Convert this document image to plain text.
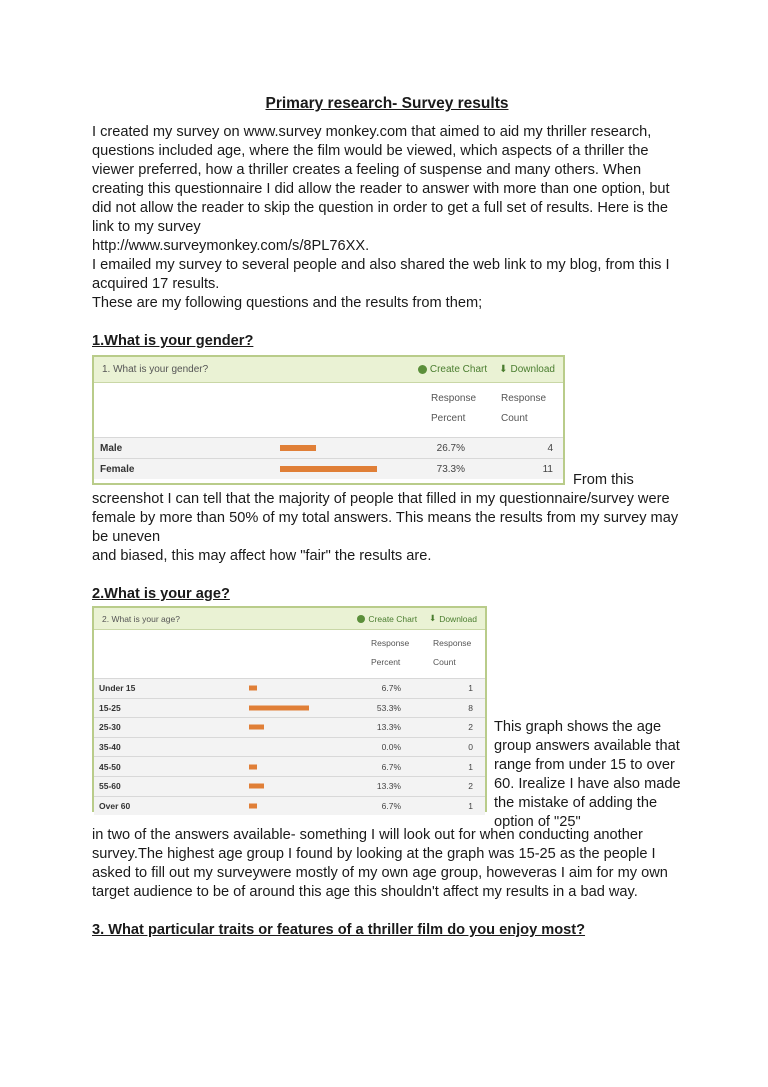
Primary research- Survey results

I created my survey on www.survey monkey.com that aimed to aid my thriller research, questions included age, where the film would be viewed, which aspects of a thriller the viewer preferred, how a thriller creates a feeling of suspense and many others. When creating this questionnaire I did allow the reader to answer with more than one option, but did not allow the reader to skip the question in order to get a full set of results. Here is the link to my survey

http://www.surveymonkey.com/s/8PL76XX.

I emailed my survey to several people and also shared the web link to my blog, from this I acquired 17 results.

These are my following questions and the results from them;

1.What is your gender?

1. What is your gender?	Create Chart ⬇ Download
Response Percent
Response Count
Male	26.7%	4
Female	73.3%	11
From this

screenshot I can tell that the majority of people that filled in my questionnaire/survey were female by more than 50% of my total answers. This means the results from my survey may be uneven

and biased, this may affect how "fair" the results are.

2.What is your age?

2. What is your age?	Create Chart ⬇ Download
Response Percent
Response Count
Under 15	6.7%	1
15-25	53.3%	8
25-30	13.3%	2
35-40	0.0%	0
45-50	6.7%	1
55-60	13.3%	2
Over 60	6.7%	1
This graph shows the age group answers available that range from under 15 to over 60. Irealize I have also made the mistake of adding the option of "25"

in two of the answers available- something I will look out for when conducting another survey.The highest age group I found by looking at the graph was 15-25 as the people I asked to fill out my surveywere mostly of my own age group, howeveras I aim for my own target audience to be of around this age this shouldn't affect my results in a bad way.

3. What particular traits or features of a thriller film do you enjoy most?
